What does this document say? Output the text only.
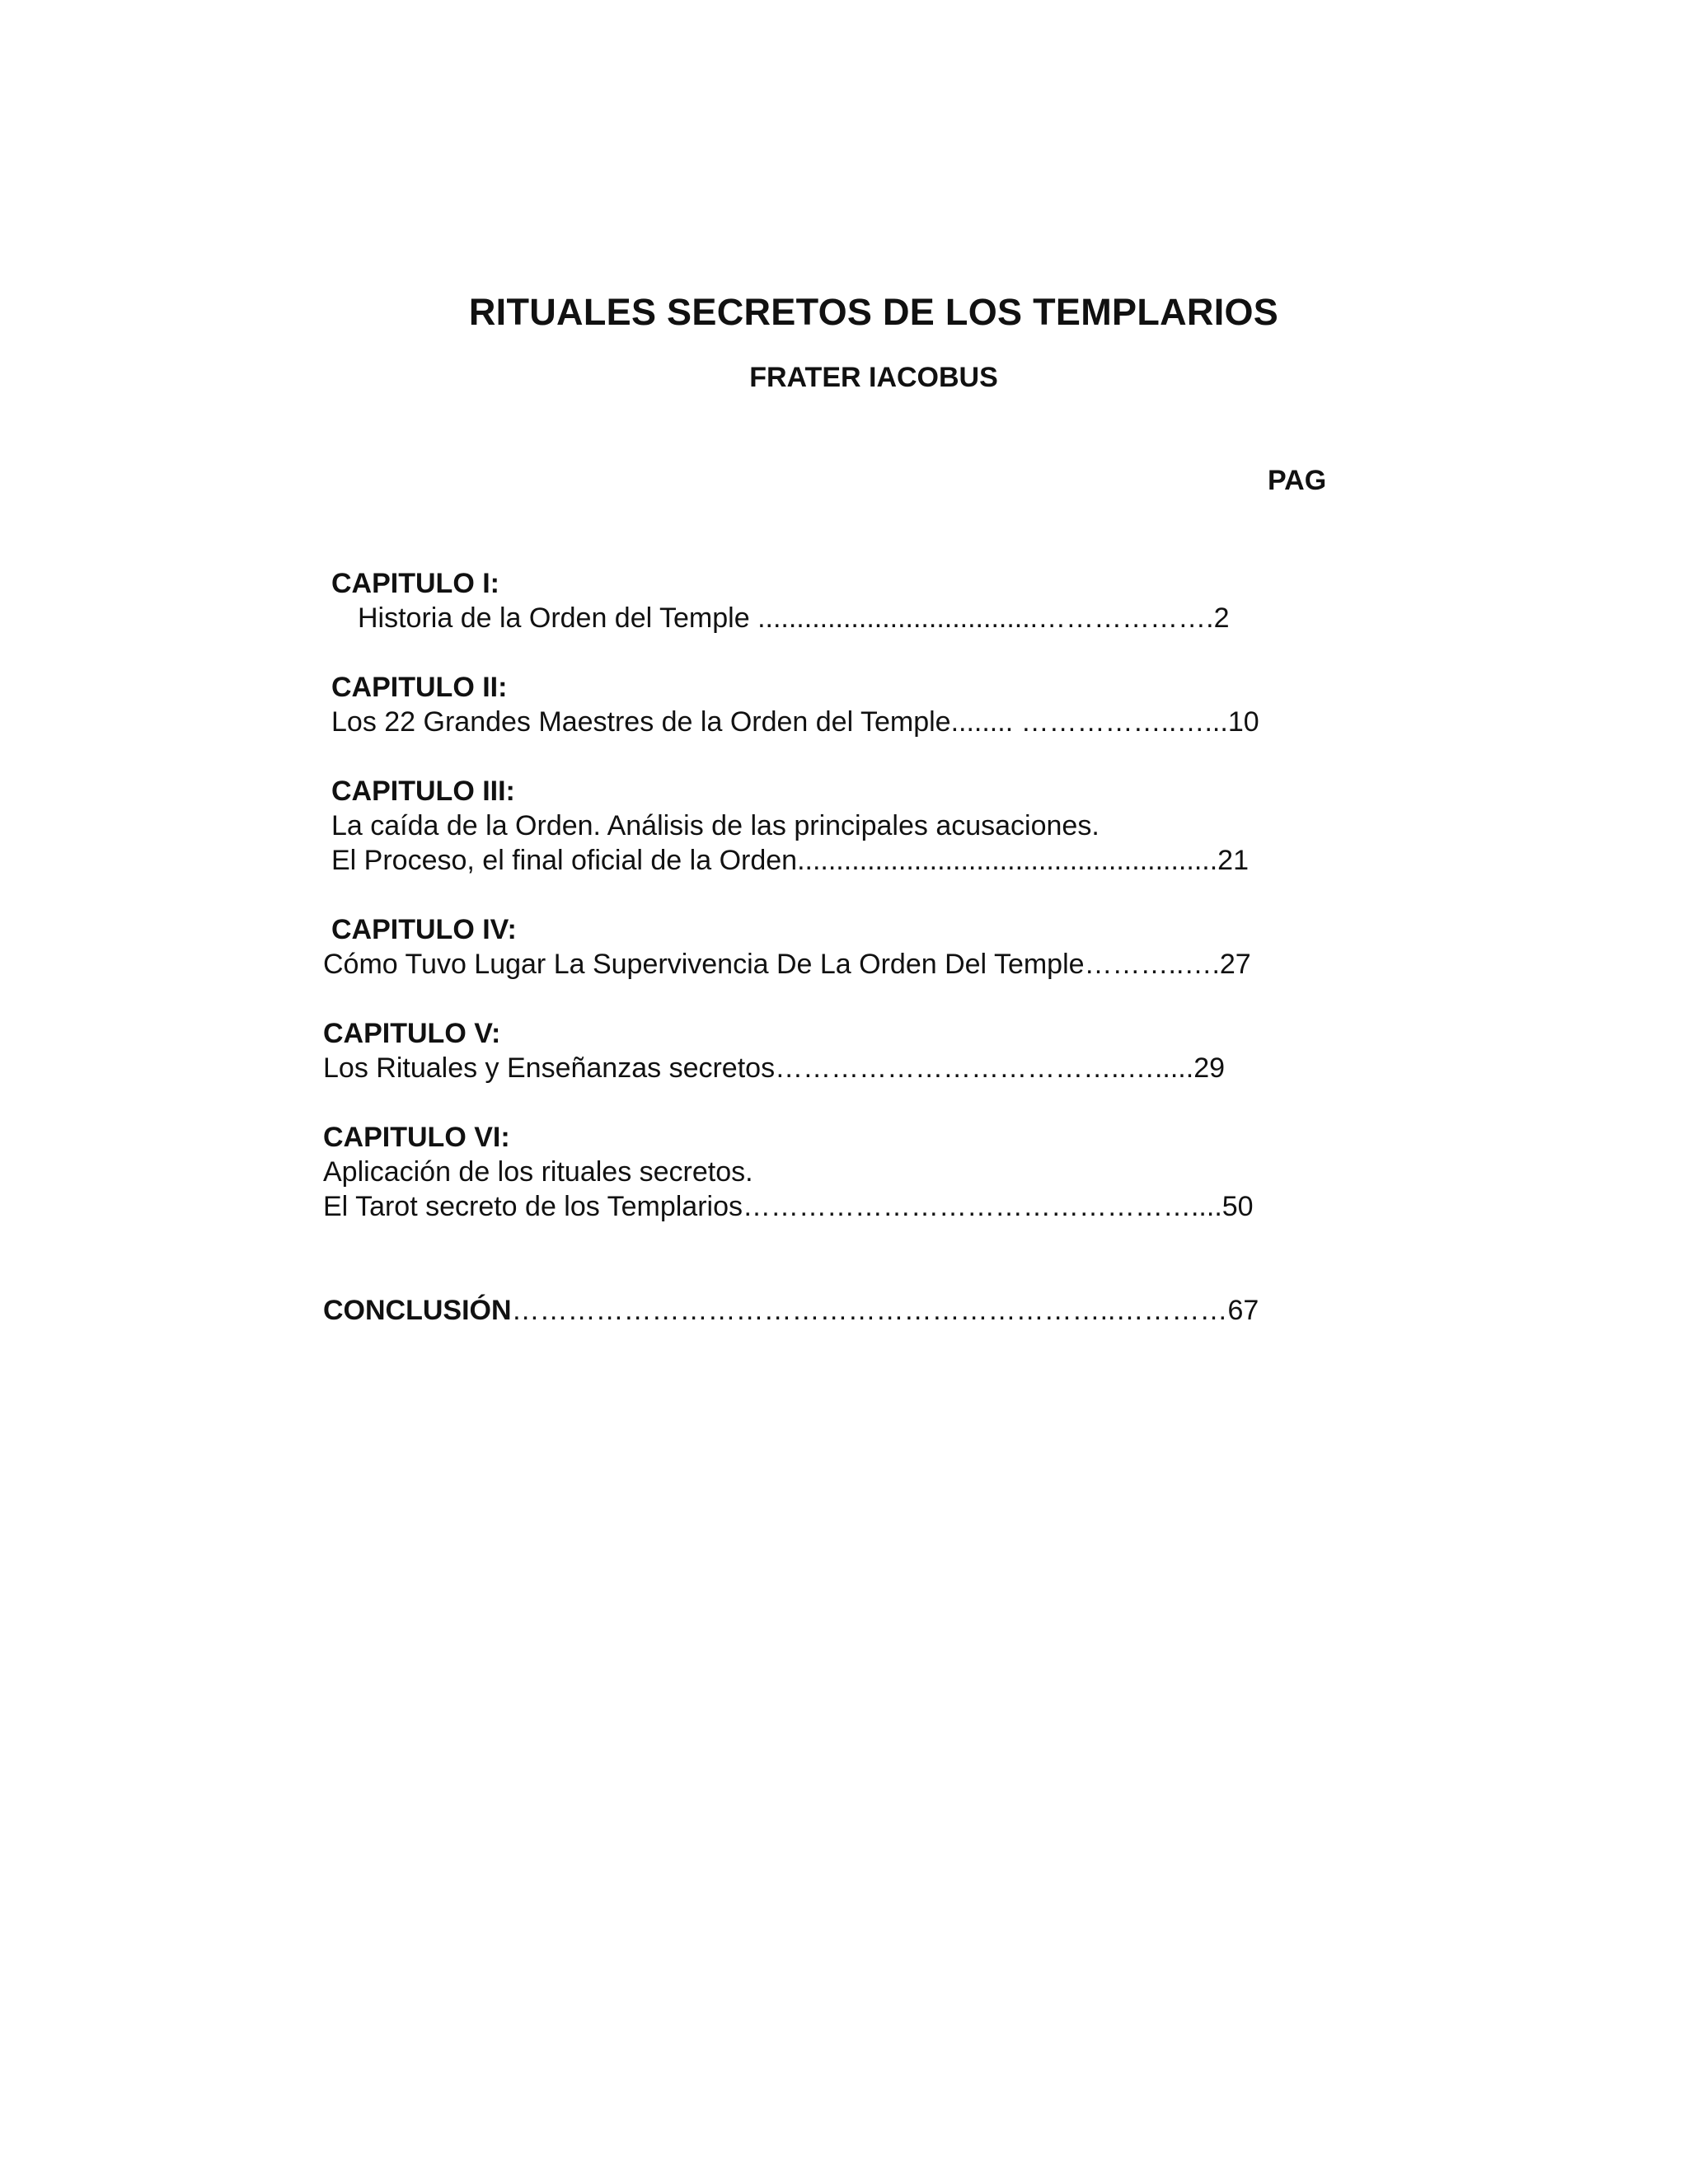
RITUALES SECRETOS DE LOS TEMPLARIOS
FRATER IACOBUS
PAG
CAPITULO I:
Historia de la Orden del Temple ....................................……………….2
CAPITULO II:
Los 22 Grandes Maestres de la Orden del Temple........ ……………..…...10
CAPITULO III:
La caída de la Orden. Análisis de las principales acusaciones.
El Proceso, el final oficial de la Orden......................................................21
CAPITULO IV:
Cómo Tuvo Lugar La Supervivencia De La Orden Del Temple………..….27
CAPITULO V:
Los Rituales y Enseñanzas secretos………………………………..….....29
CAPITULO VI:
Aplicación de los rituales secretos.
El Tarot secreto de los Templarios…………………………………………....50
CONCLUSIÓN………………………………………………………..…………67
